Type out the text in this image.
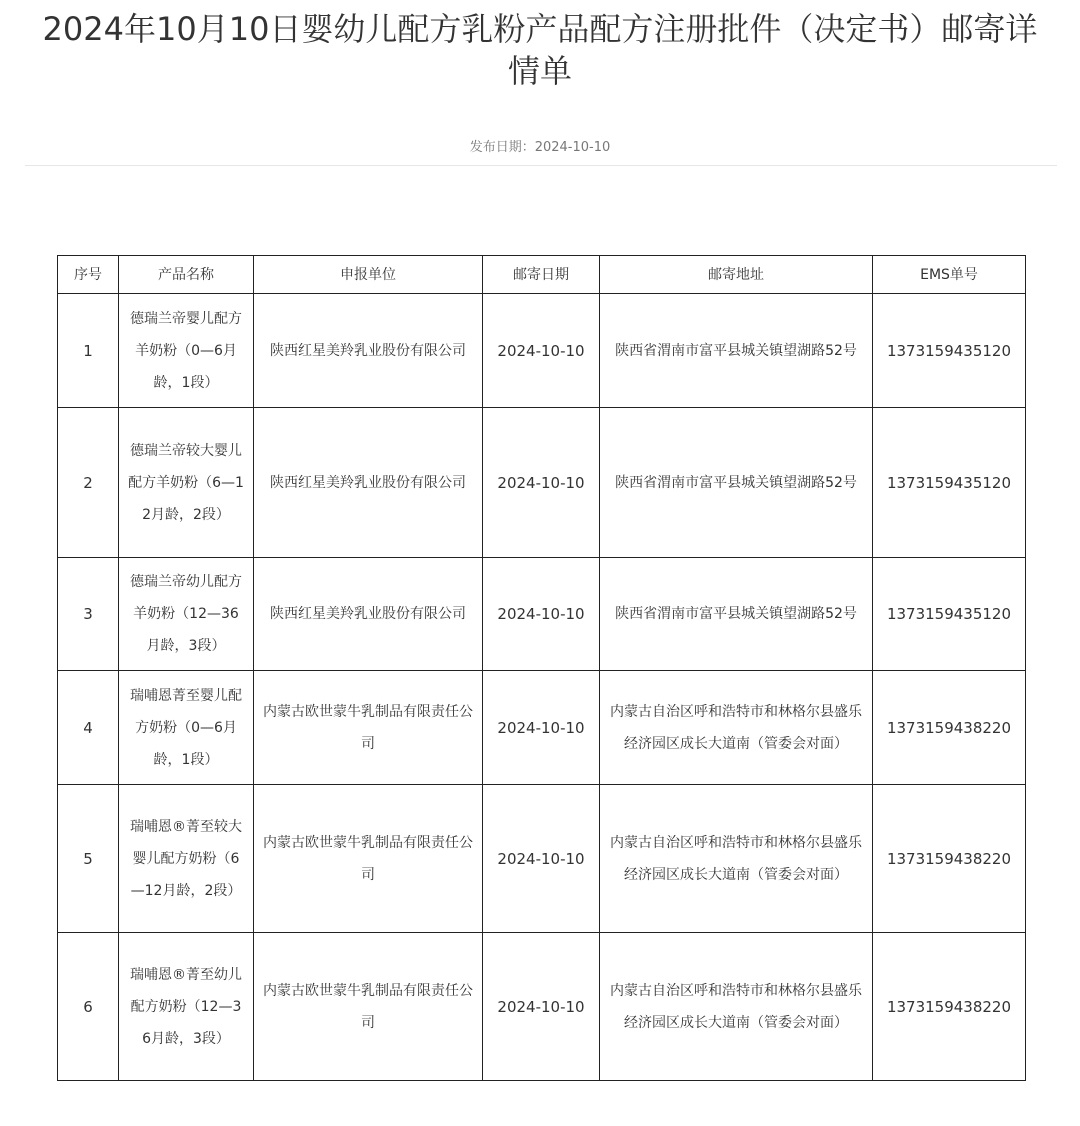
2024年10月10日婴幼儿配方乳粉产品配方注册批件（决定书）邮寄详情单
发布日期：2024-10-10
序号	产品名称	申报单位	邮寄日期	邮寄地址	EMS单号
1	德瑞兰帝婴儿配方羊奶粉（0—6月龄，1段）	陕西红星美羚乳业股份有限公司	2024-10-10	陕西省渭南市富平县城关镇望湖路52号	1373159435120
2	德瑞兰帝较大婴儿配方羊奶粉（6—12月龄，2段）	陕西红星美羚乳业股份有限公司	2024-10-10	陕西省渭南市富平县城关镇望湖路52号	1373159435120
3	德瑞兰帝幼儿配方羊奶粉（12—36月龄，3段）	陕西红星美羚乳业股份有限公司	2024-10-10	陕西省渭南市富平县城关镇望湖路52号	1373159435120
4	瑞哺恩菁至婴儿配方奶粉（0—6月龄，1段）	内蒙古欧世蒙牛乳制品有限责任公司	2024-10-10	内蒙古自治区呼和浩特市和林格尔县盛乐经济园区成长大道南（管委会对面）	1373159438220
5	瑞哺恩®菁至较大婴儿配方奶粉（6—12月龄，2段）	内蒙古欧世蒙牛乳制品有限责任公司	2024-10-10	内蒙古自治区呼和浩特市和林格尔县盛乐经济园区成长大道南（管委会对面）	1373159438220
6	瑞哺恩®菁至幼儿配方奶粉（12—36月龄，3段）	内蒙古欧世蒙牛乳制品有限责任公司	2024-10-10	内蒙古自治区呼和浩特市和林格尔县盛乐经济园区成长大道南（管委会对面）	1373159438220
